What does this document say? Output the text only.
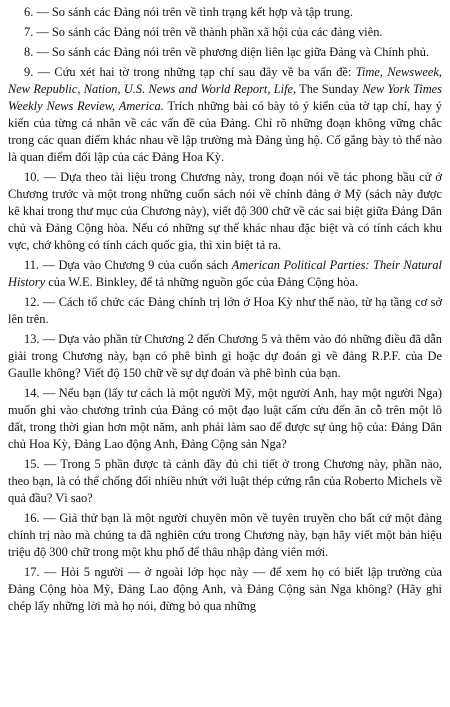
6. — So sánh các Đảng nói trên về tình trạng kết hợp và tập trung.

7. — So sánh các Đảng nói trên về thành phần xã hội của các đảng viên.

8. — So sánh các Đảng nói trên về phương diện liên lạc giữa Đảng và Chính phủ.

9. — Cứu xét hai tờ trong những tạp chí sau đây về ba vấn đề: Time, Newsweek, New Republic, Nation, U.S. News and World Report, Life, The Sunday New York Times Weekly News Review, America. Trích những bài có bày tỏ ý kiến của tờ tạp chí, hay ý kiến của từng cá nhân về các vấn đề của Đảng. Chỉ rõ những đoạn không vững chắc trong các quan điểm khác nhau về lập trường mà Đảng ủng hộ. Cố gắng bày tỏ thế nào là quan điểm đối lập của các Đảng Hoa Kỳ.

10. — Dựa theo tài liệu trong Chương này, trong đoạn nói về tác phong bầu cử ở Chương trước và một trong những cuốn sách nói về chính đảng ở Mỹ (sách này được kê khai trong thư mục của Chương này), viết độ 300 chữ về các sai biệt giữa Đảng Dân chủ và Đảng Cộng hòa. Nếu có những sự thể khác nhau đặc biệt và có tính cách khu vực, chớ không có tính cách quốc gia, thì xin biệt tả ra.

11. — Dựa vào Chương 9 của cuốn sách American Political Parties: Their Natural History của W.E. Binkley, để tả những nguồn gốc của Đảng Cộng hòa.

12. — Cách tổ chức các Đảng chính trị lớn ở Hoa Kỳ như thế nào, từ hạ tầng cơ sở lên trên.

13. — Dựa vào phần từ Chương 2 đến Chương 5 và thêm vào đó những điều đã dẫn giải trong Chương này, bạn có phê bình gì hoặc dự đoán gì về đảng R.P.F. của De Gaulle không? Viết độ 150 chữ về sự dự đoán và phê bình của bạn.

14. — Nếu bạn (lấy tư cách là một người Mỹ, một người Anh, hay một người Nga) muốn ghi vào chương trình của Đảng có một đạo luật cấm cửu đến ăn cỗ trên một lô đất, trong thời gian hơn một năm, anh phải làm sao để được sự ủng hộ của: Đảng Dân chủ Hoa Kỳ, Đảng Lao động Anh, Đảng Cộng sản Nga?

15. — Trong 5 phần được tả cảnh đầy đủ chi tiết ở trong Chương này, phần nào, theo bạn, là có thể chống đối nhiều nhứt với luật thép cứng rắn của Roberto Michels về quả đầu? Vì sao?

16. — Giả thử bạn là một người chuyên môn về tuyên truyền cho bất cứ một đảng chính trị nào mà chúng ta đã nghiên cứu trong Chương này, bạn hãy viết một bản hiệu triệu độ 300 chữ trong một khu phố để thâu nhập đảng viên mới.

17. — Hỏi 5 người — ở ngoài lớp học này — để xem họ có biết lập trường của Đảng Cộng hòa Mỹ, Đảng Lao động Anh, và Đảng Cộng sản Nga không? (Hãy ghi chép lấy những lời mà họ nói, đừng bỏ qua những
